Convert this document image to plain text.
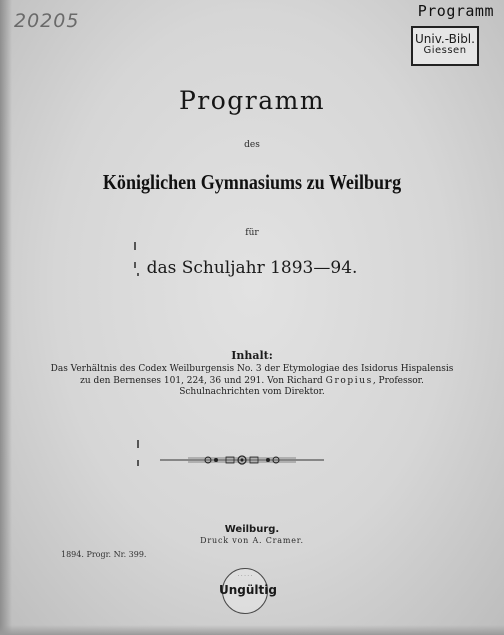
20205	Programm
Univ.-Bibl.
Giessen
Programm
des
Königlichen Gymnasiums zu Weilburg
für
das Schuljahr 1893—94.
Inhalt:
Das Verhältnis des Codex Weilburgensis No. 3 der Etymologiae des Isidorus Hispalensis
zu den Bernenses 101, 224, 36 und 291. Von Richard Gropius, Professor.
Schulnachrichten vom Direktor.
Weilburg.
Druck von A. Cramer.
1894. Progr. Nr. 399.
· · · · ·
Ungültig
